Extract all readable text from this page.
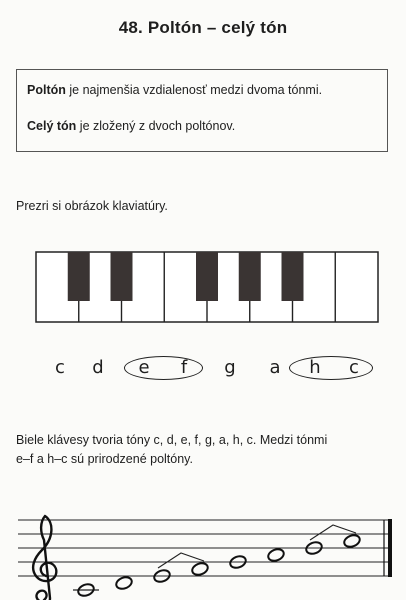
48. Poltón – celý tón

Poltón je najmenšia vzdialenosť medzi dvoma tónmi.

Celý tón je zložený z dvoch poltónov.

Prezri si obrázok klaviatúry.
c d e f g a h c
Biele klávesy tvoria tóny c, d, e, f, g, a, h, c. Medzi tónmi
e–f a h–c sú prirodzené poltóny.
